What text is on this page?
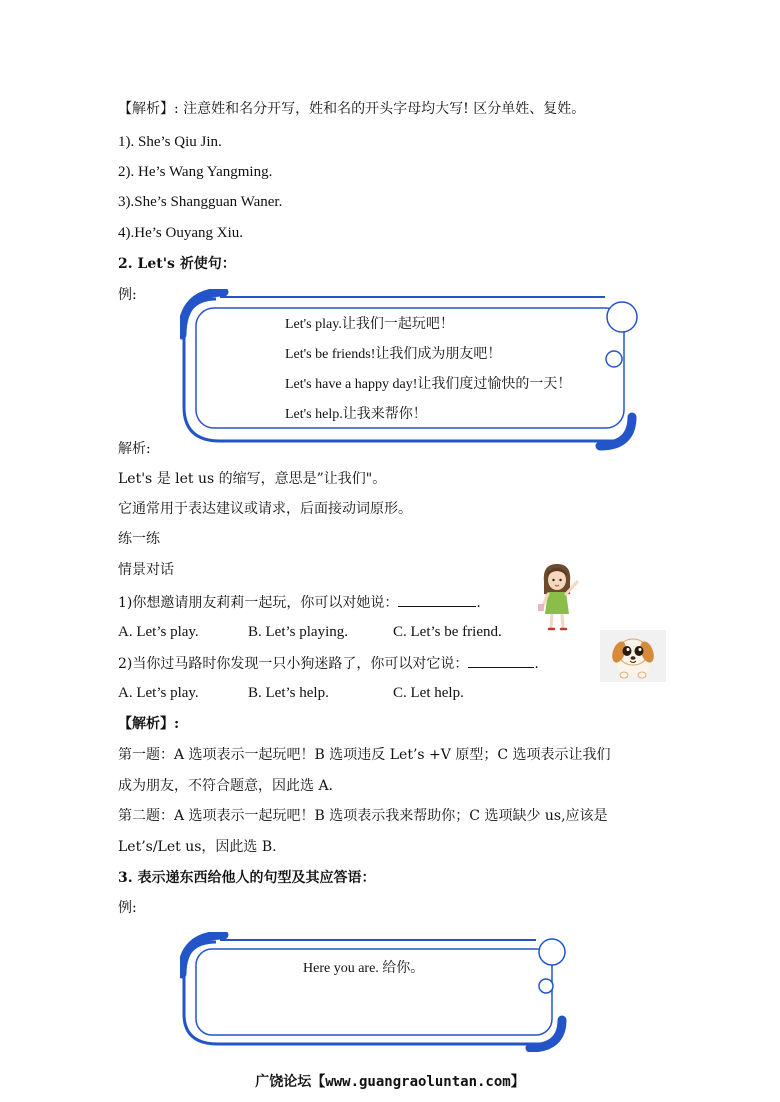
【解析】: 注意姓和名分开写，姓和名的开头字母均大写! 区分单姓、复姓。
1). She’s Qiu Jin.
2). He’s Wang Yangming.
3).She’s Shangguan Waner.
4).He’s Ouyang Xiu.
2. Let's 祈使句：
例:
Let's play.让我们一起玩吧！
Let's be friends!让我们成为朋友吧！
Let's have a happy day!让我们度过愉快的一天！
Let's help.让我来帮你！
解析:
Let's 是 let us 的缩写，意思是”让我们"。
它通常用于表达建议或请求，后面接动词原形。
练一练
情景对话
1)你想邀请朋友莉莉一起玩，你可以对她说：	.
A. Let’s play.	B. Let’s playing.	C. Let’s be friend.
2)当你过马路时你发现一只小狗迷路了，你可以对它说：	.
A. Let’s play.	B. Let’s help.	C. Let help.
【解析】:
第一题：A 选项表示一起玩吧！B 选项违反 Let’s +V 原型；C 选项表示让我们
成为朋友，不符合题意，因此选 A.
第二题：A 选项表示一起玩吧！B 选项表示我来帮助你；C 选项缺少 us,应该是
Let’s/Let us，因此选 B.
3. 表示递东西给他人的句型及其应答语：
例:
Here you are. 给你。
广饶论坛【www.guangraoluntan.com】
